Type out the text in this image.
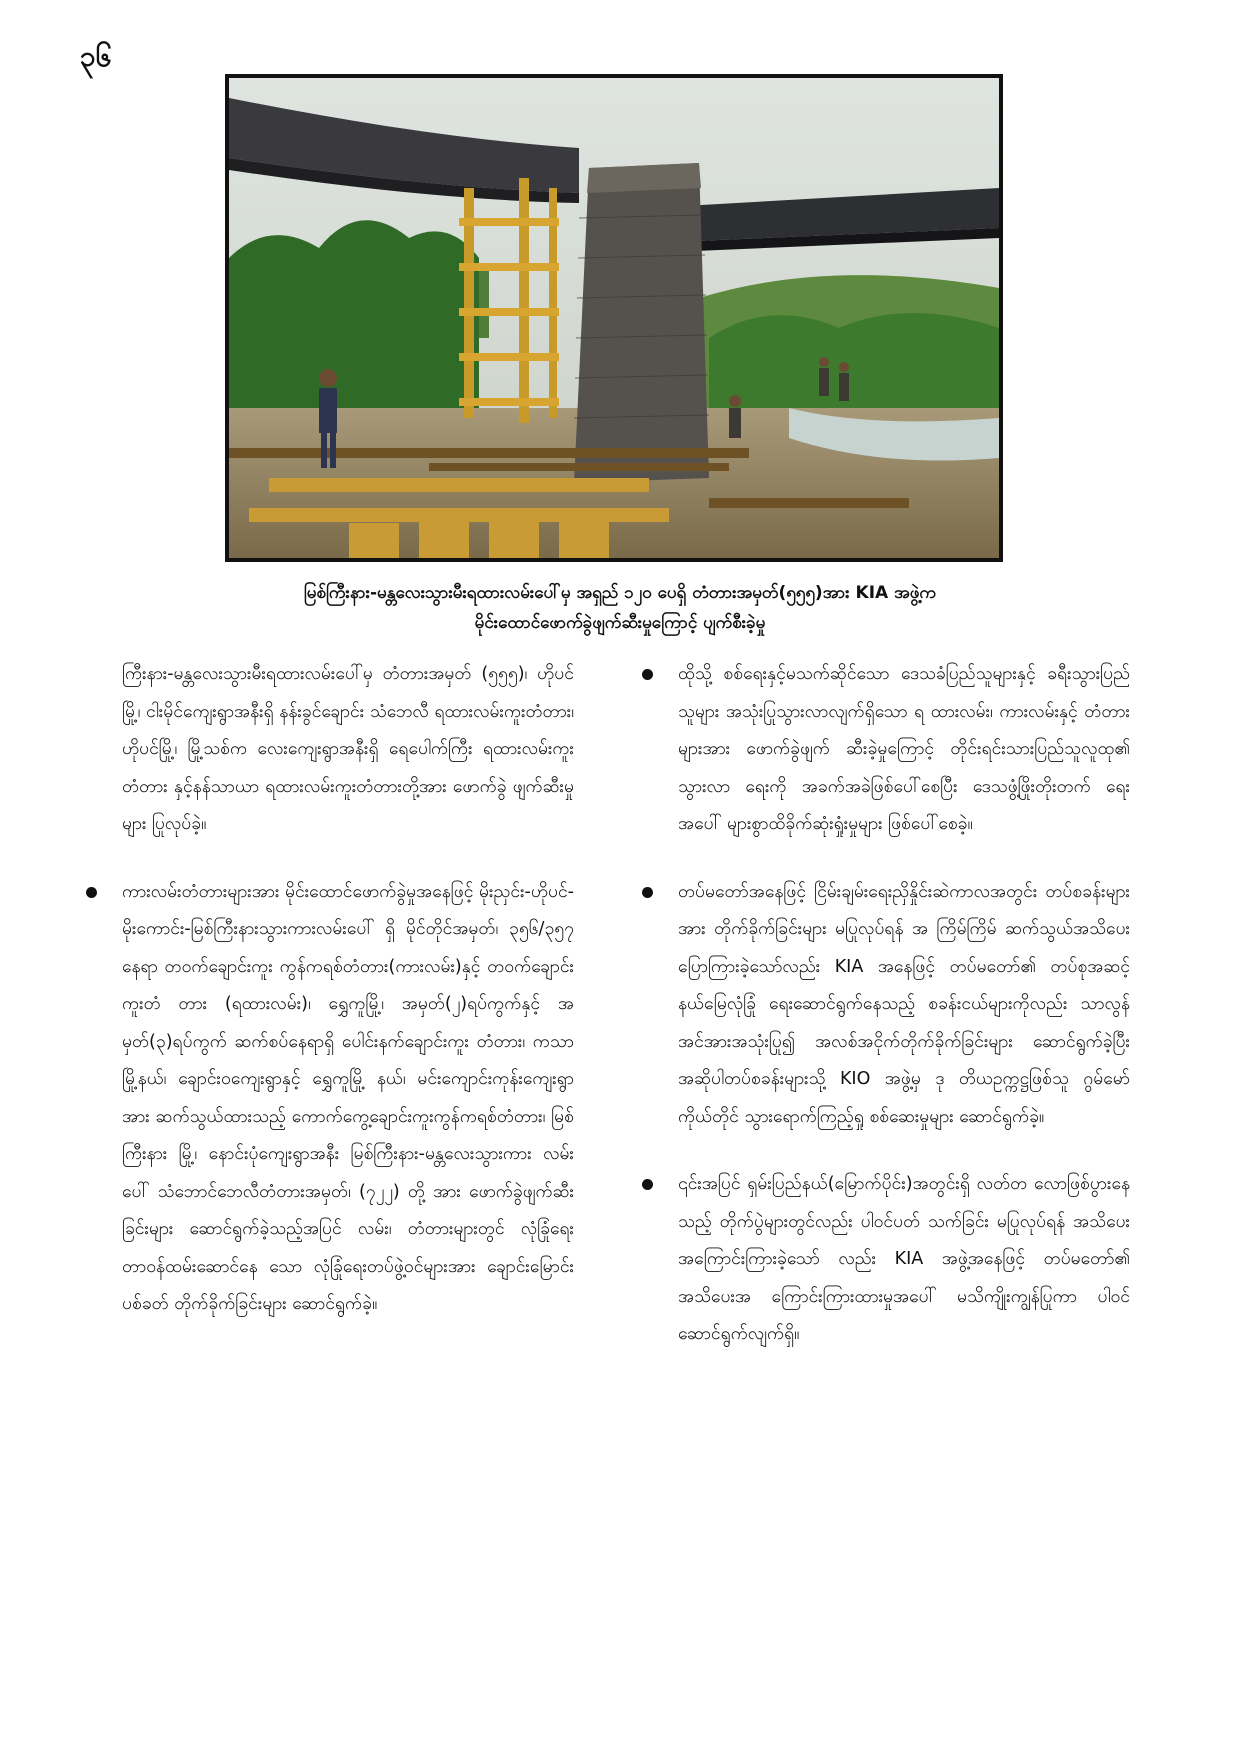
၃၆
မြစ်ကြီးနား-မန္တလေးသွားမီးရထားလမ်းပေါ်မှ အရှည် ၁၂၀ ပေရှိ တံတားအမှတ်(၅၅၅)အား KIA အဖွဲ့က
မိုင်းထောင်ဖောက်ခွဲဖျက်ဆီးမှုကြောင့် ပျက်စီးခဲ့မှု

ကြီးနား-မန္တလေးသွားမီးရထားလမ်းပေါ်မှ တံတားအမှတ် (၅၅၅)၊ ဟိုပင်မြို့၊ ငါးမိုင်ကျေးရွာအနီးရှိ နန်းခွင်ချောင်း သံဘေလီ ရထားလမ်းကူးတံတား၊ ဟိုပင်မြို့၊ မြို့သစ်က လေးကျေးရွာအနီးရှိ ရေပေါက်ကြီး ရထားလမ်းကူးတံတား နှင့်နန်သာယာ ရထားလမ်းကူးတံတားတို့အား ဖောက်ခွဲ ဖျက်ဆီးမှုများ ပြုလုပ်ခဲ့။

ကားလမ်းတံတားများအား မိုင်းထောင်ဖောက်ခွဲမှုအနေဖြင့် မိုးညှင်း-ဟိုပင်-မိုးကောင်း-မြစ်ကြီးနားသွားကားလမ်းပေါ် ရှိ မိုင်တိုင်အမှတ်၊ ၃၅၆/၃၅၇ နေရာ တဝက်ချောင်းကူး ကွန်ကရစ်တံတား(ကားလမ်း)နှင့် တဝက်ချောင်းကူးတံ တား (ရထားလမ်း)၊ ရွှေကူမြို့၊ အမှတ်(၂)ရပ်ကွက်နှင့် အ မှတ်(၃)ရပ်ကွက် ဆက်စပ်နေရာရှိ ပေါင်းနက်ချောင်းကူး တံတား၊ ကသာမြို့နယ်၊ ချောင်းဝကျေးရွာနှင့် ရွှေကူမြို့ နယ်၊ မင်းကျောင်းကုန်းကျေးရွာအား ဆက်သွယ်ထားသည့် ကောက်ကွေ့ချောင်းကူးကွန်ကရစ်တံတား၊ မြစ်ကြီးနား မြို့၊ နောင်းပုံကျေးရွာအနီး မြစ်ကြီးနား-မန္တလေးသွားကား လမ်းပေါ် သံဘောင်ဘေလီတံတားအမှတ်၊ (၇၂၂) တို့ အား ဖောက်ခွဲဖျက်ဆီးခြင်းများ ဆောင်ရွက်ခဲ့သည့်အပြင် လမ်း၊ တံတားများတွင် လုံခြုံရေးတာဝန်ထမ်းဆောင်နေ သော လုံခြုံရေးတပ်ဖွဲ့ဝင်များအား ချောင်းမြောင်းပစ်ခတ် တိုက်ခိုက်ခြင်းများ ဆောင်ရွက်ခဲ့။

ထိုသို့ စစ်ရေးနှင့်မသက်ဆိုင်သော ဒေသခံပြည်သူများနှင့် ခရီးသွားပြည်သူများ အသုံးပြုသွားလာလျက်ရှိသော ရ ထားလမ်း၊ ကားလမ်းနှင့် တံတားများအား ဖောက်ခွဲဖျက် ဆီးခဲ့မှုကြောင့် တိုင်းရင်းသားပြည်သူလူထု၏ သွားလာ ရေးကို အခက်အခဲဖြစ်ပေါ်စေပြီး ဒေသဖွံ့ဖြိုးတိုးတက် ရေးအပေါ် များစွာထိခိုက်ဆုံးရှုံးမှုများ ဖြစ်ပေါ်စေခဲ့။

တပ်မတော်အနေဖြင့် ငြိမ်းချမ်းရေးညှိနှိုင်းဆဲကာလအတွင်း တပ်စခန်းများအား တိုက်ခိုက်ခြင်းများ မပြုလုပ်ရန် အ ကြိမ်ကြိမ် ဆက်သွယ်အသိပေး ပြောကြားခဲ့သော်လည်း KIA အနေဖြင့် တပ်မတော်၏ တပ်စုအဆင့် နယ်မြေလုံခြုံ ရေးဆောင်ရွက်နေသည့် စခန်းငယ်များကိုလည်း သာလွန် အင်အားအသုံးပြု၍ အလစ်အငိုက်တိုက်ခိုက်ခြင်းများ ဆောင်ရွက်ခဲ့ပြီး အဆိုပါတပ်စခန်းများသို့ KIO အဖွဲ့မှ ဒု တိယဥက္ကဋ္ဌဖြစ်သူ ဂွမ်မော်ကိုယ်တိုင် သွားရောက်ကြည့်ရှု စစ်ဆေးမှုများ ဆောင်ရွက်ခဲ့။

၎င်းအပြင် ရှမ်းပြည်နယ်(မြောက်ပိုင်း)အတွင်းရှိ လတ်တ လောဖြစ်ပွားနေသည့် တိုက်ပွဲများတွင်လည်း ပါဝင်ပတ် သက်ခြင်း မပြုလုပ်ရန် အသိပေးအကြောင်းကြားခဲ့သော် လည်း KIA အဖွဲ့အနေဖြင့် တပ်မတော်၏ အသိပေးအ ကြောင်းကြားထားမှုအပေါ် မသိကျိုးကျွန်ပြုကာ ပါဝင် ဆောင်ရွက်လျက်ရှိ။
